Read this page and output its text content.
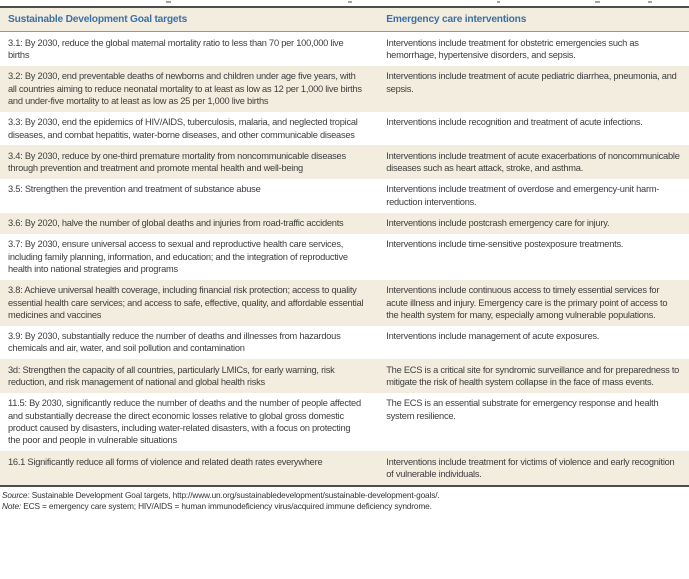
Sustainable Development Goal targets	Emergency care interventions
3.1: By 2030, reduce the global maternal mortality ratio to less than 70 per 100,000 live births	Interventions include treatment for obstetric emergencies such as hemorrhage, hypertensive disorders, and sepsis.
3.2: By 2030, end preventable deaths of newborns and children under age five years, with all countries aiming to reduce neonatal mortality to at least as low as 12 per 1,000 live births and under-five mortality to at least as low as 25 per 1,000 live births	Interventions include treatment of acute pediatric diarrhea, pneumonia, and sepsis.
3.3: By 2030, end the epidemics of HIV/AIDS, tuberculosis, malaria, and neglected tropical diseases, and combat hepatitis, water-borne diseases, and other communicable diseases	Interventions include recognition and treatment of acute infections.
3.4: By 2030, reduce by one-third premature mortality from noncommunicable diseases through prevention and treatment and promote mental health and well-being	Interventions include treatment of acute exacerbations of noncommunicable diseases such as heart attack, stroke, and asthma.
3.5: Strengthen the prevention and treatment of substance abuse	Interventions include treatment of overdose and emergency-unit harm-reduction interventions.
3.6: By 2020, halve the number of global deaths and injuries from road-traffic accidents	Interventions include postcrash emergency care for injury.
3.7: By 2030, ensure universal access to sexual and reproductive health care services, including family planning, information, and education; and the integration of reproductive health into national strategies and programs	Interventions include time-sensitive postexposure treatments.
3.8: Achieve universal health coverage, including financial risk protection; access to quality essential health care services; and access to safe, effective, quality, and affordable essential medicines and vaccines	Interventions include continuous access to timely essential services for acute illness and injury. Emergency care is the primary point of access to the health system for many, especially among vulnerable populations.
3.9: By 2030, substantially reduce the number of deaths and illnesses from hazardous chemicals and air, water, and soil pollution and contamination	Interventions include management of acute exposures.
3d: Strengthen the capacity of all countries, particularly LMICs, for early warning, risk reduction, and risk management of national and global health risks	The ECS is a critical site for syndromic surveillance and for preparedness to mitigate the risk of health system collapse in the face of mass events.
11.5: By 2030, significantly reduce the number of deaths and the number of people affected and substantially decrease the direct economic losses relative to global gross domestic product caused by disasters, including water-related disasters, with a focus on protecting the poor and people in vulnerable situations	The ECS is an essential substrate for emergency response and health system resilience.
16.1 Significantly reduce all forms of violence and related death rates everywhere	Interventions include treatment for victims of violence and early recognition of vulnerable individuals.
Source: Sustainable Development Goal targets, http://www.un.org/sustainabledevelopment/sustainable-development-goals/.
Note: ECS = emergency care system; HIV/AIDS = human immunodeficiency virus/acquired immune deficiency syndrome.
